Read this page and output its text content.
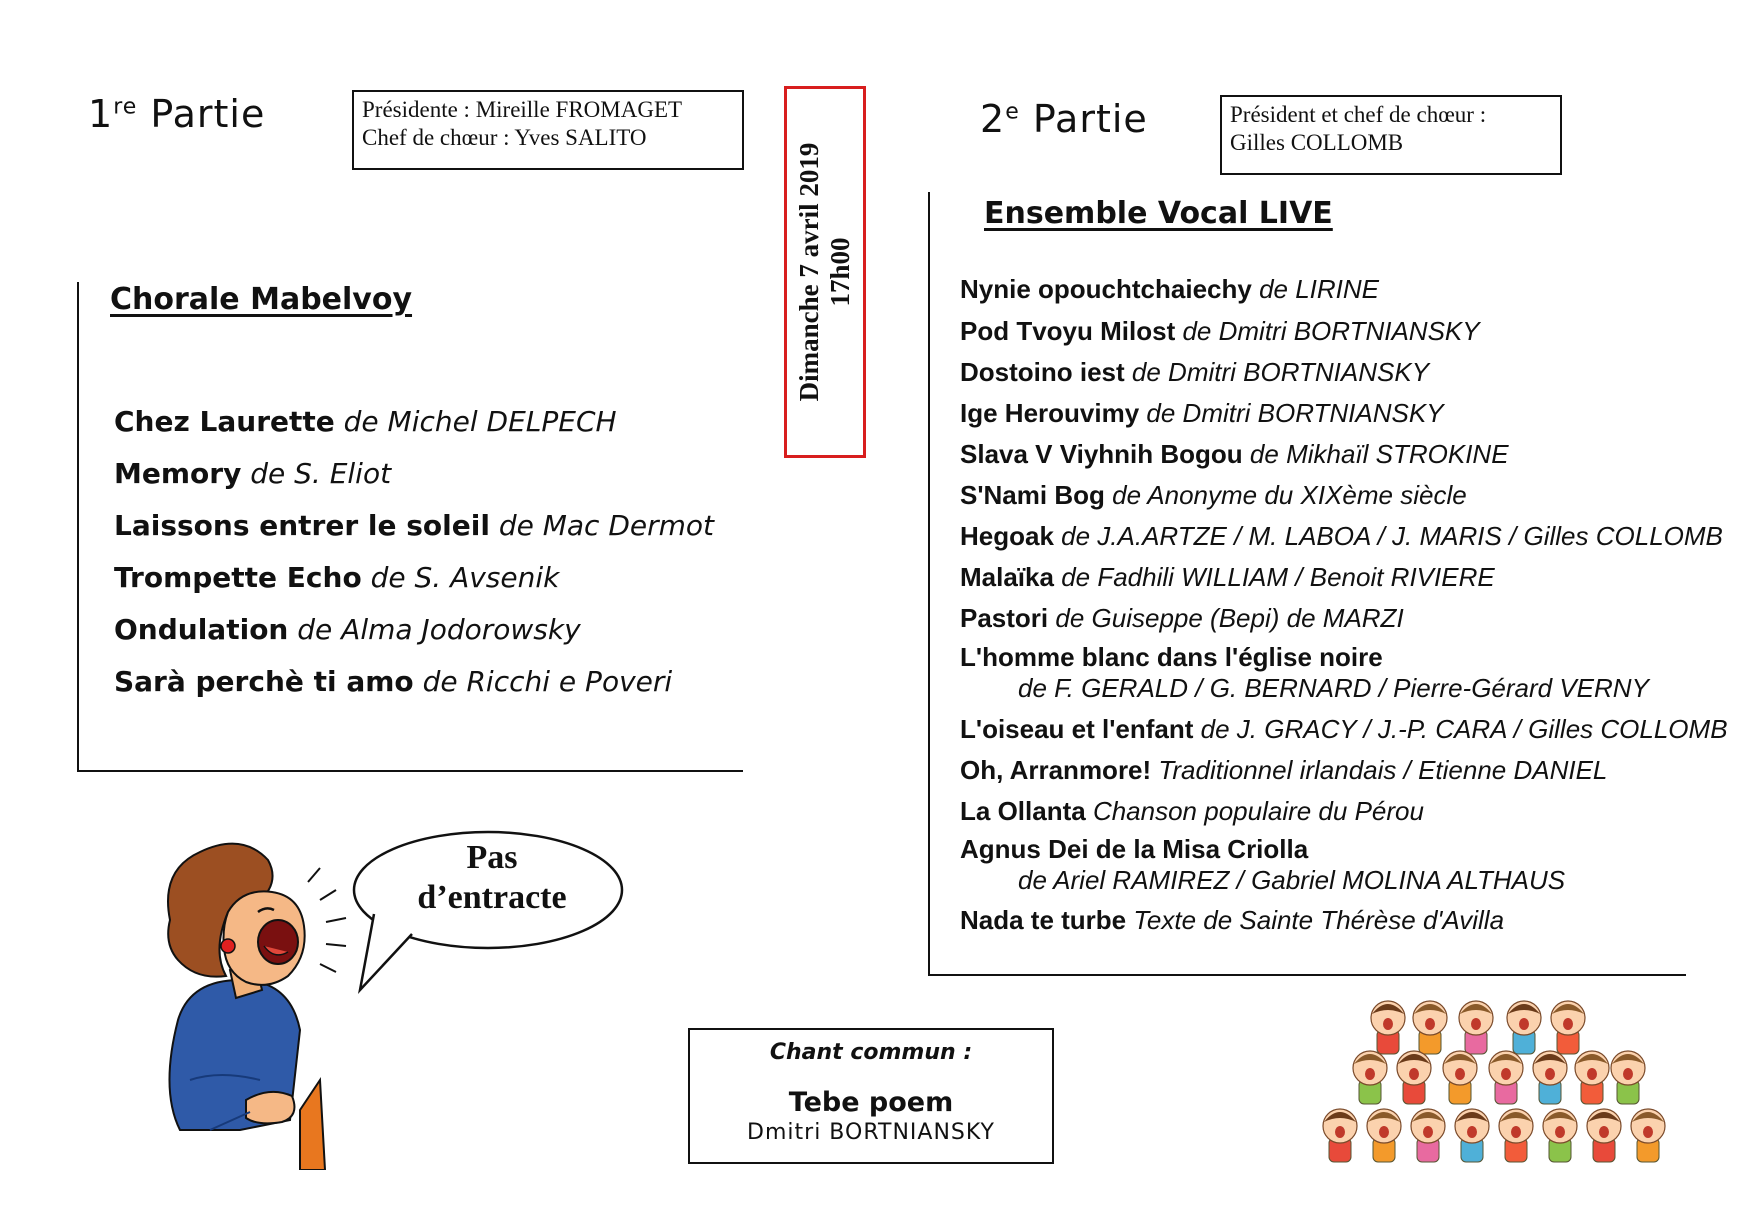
1re Partie	Présidente : Mireille FROMAGET
Chef de chœur : Yves SALITO
Chorale Mabelvoy
Chez Laurette de Michel DELPECH
Memory de S. Eliot
Laissons entrer le soleil de Mac Dermot
Trompette Echo de S. Avsenik
Ondulation de Alma Jodorowsky
Sarà perchè ti amo de Ricchi e Poveri
Dimanche 7 avril 2019 17h00
2e Partie	Président et chef de chœur :
Gilles COLLOMB
Ensemble Vocal LIVE
Nynie opouchtchaiechy de LIRINE
Pod Tvoyu Milost de Dmitri BORTNIANSKY
Dostoino iest de Dmitri BORTNIANSKY
Ige Herouvimy de Dmitri BORTNIANSKY
Slava V Viyhnih Bogou de Mikhaïl STROKINE
S'Nami Bog de Anonyme du XIXème siècle
Hegoak de J.A.ARTZE / M. LABOA / J. MARIS / Gilles COLLOMB
Malaïka de Fadhili WILLIAM / Benoit RIVIERE
Pastori de Guiseppe (Bepi) de MARZI
L'homme blanc dans l'église noire
de F. GERALD / G. BERNARD / Pierre-Gérard VERNY
L'oiseau et l'enfant de J. GRACY / J.-P. CARA / Gilles COLLOMB
Oh, Arranmore! Traditionnel irlandais / Etienne DANIEL
La Ollanta Chanson populaire du Pérou
Agnus Dei de la Misa Criolla
de Ariel RAMIREZ / Gabriel MOLINA ALTHAUS
Nada te turbe Texte de Sainte Thérèse d'Avilla
Pas
d’entracte
Chant commun :
Tebe poem
Dmitri BORTNIANSKY
